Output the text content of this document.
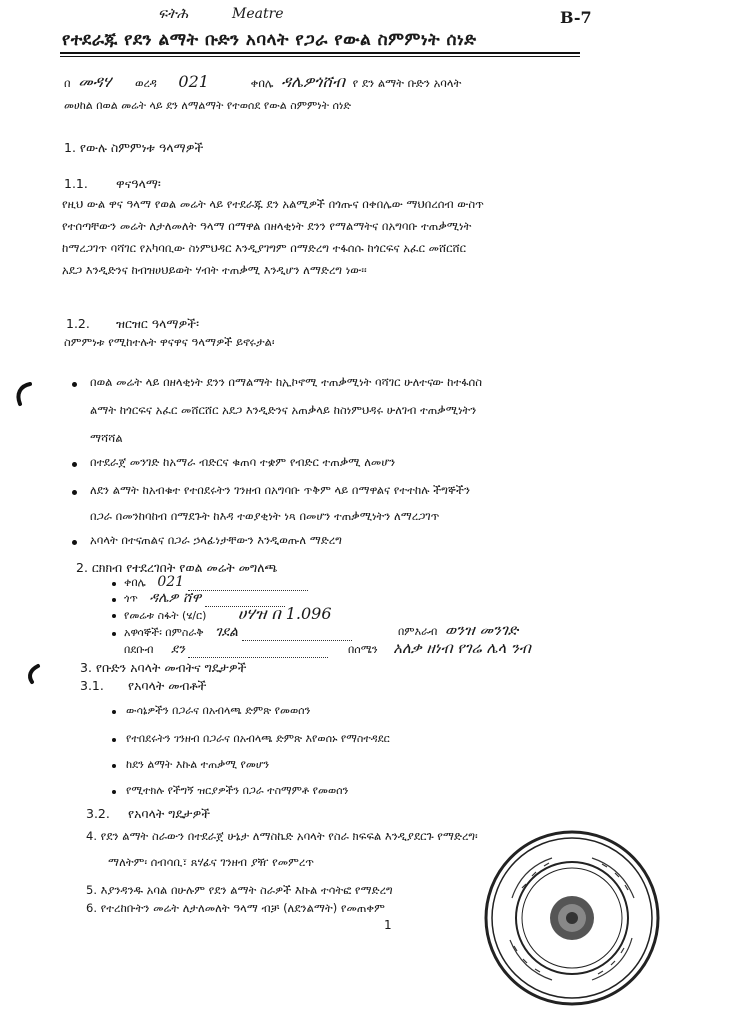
ፍትሕ	Meatre	B-7
የተደራጁ የደን ልማት ቡድን አባላት የጋራ የውል ስምምነት ሰነድ
በ መዳሃ ወረዳ 021	ቀበሌ ዳሌዎጎሸብ የ ደን ልማት ቡድን አባላት
መሀከል በወል መሬት ላይ ደን ለማልማት የተወሰደ የውል ስምምነት ሰነድ
1. የውሉ ስምምነቱ ዓላማዎች
1.1. ዋናዓላማ፡
የዚህ ውል ዋና ዓላማ የወል መሬት ላይ የተደራጁ ደን አልሚዎች በጎጡና በቀበሌው ማህበረሰብ ውስጥ
የተሰጣቸውን መሬት ለታለመለት ዓላማ በማዋል በዘላቂነት ደንን የማልማትና በአግባቡ ተጠቃሚነት
ከማረጋገጥ ባሻገር የአካባቢው ስነምህዳር እንዲያገግም በማድረግ ተፋሰሱ ከጎርፍና አፈር መሸርሸር
አደጋ እንዲድንና ከብዝሀህይወት ሃብት ተጠቃሚ እንዲሆን ለማድረግ ነው፡፡
1.2. ዝርዝር ዓላማዎች፡
ስምምነቱ የሚከተሉት ዋናዋና ዓላማዎች ይኖሩታል፡
በወል መሬት ላይ በዘላቂነት ደንን በማልማት ከኢኮኖሚ ተጠቃሚነት ባሻገር ሁለተናው ከተፋሰስ
ልማት ከጎርፍና አፈር መሸርሸር አደጋ እንዲድንና አጠቃላይ ከስነምህዳሩ ሁለገብ ተጠቃሚነትን
ማሻሻል
በተደራጀ መንገድ ከአማራ ብድርና ቁጠባ ተቋም የብድር ተጠቃሚ ለመሆን
ለደን ልማት ከአብቁተ የተበደሩትን ገንዘብ በአግባቡ ጥቅም ላይ በማዋልና የተተከሉ ችግኞችን
በጋራ በመንከባከብ በማደጉት ከእዳ ተወያቂነት ነጻ በመሆን ተጠቃሚነትን ለማረጋገጥ
አባላት በተናጠልና በጋራ ኃላፊነታቸውን እንዲወጡለ ማድረግ
2. ርክክብ የተደረገበት የወል መሬት መግለጫ
ቀበሌ 021
ጎጥ ዳሌዎ ሸዋ
የመሬቱ ስፋት (ሄ/ር) ሀሃዝ በ 1.096
አዋሳኞች፡ በምስራቅ ገደል
በደቡብ ደን
በምእራብ ወንዝ መንገድ
በሰሜን አለቃ ዘነብ የገሬ ሌላ ንብ
3. የቡድን አባላት መብትና ግዴታዎች
3.1. የአባላት መብቶች
ውሳኔዎችን በጋራና በአብላጫ ድምጽ የመወሰን
የተበደሩትን ገንዘብ በጋራና በአብላጫ ድምጽ እየወሰኑ የማስተዳደር
ከደን ልማት እኩል ተጠቃሚ የመሆን
የሚተክሉ የችግኝ ዝርያዎችን በጋራ ተስማምቶ የመወሰን
3.2. የአባላት ግዴታዎች
4. የደን ልማት ስራውን በተደራጀ ሁኔታ ለማስኬድ አባላት የስራ ክፍፍል እንዲያደርጉ የማድረግ፡
ማለትም፡ ሰብሳቢ፣ ጸሃፊና ገንዘብ ያዥ የመምረጥ
5. እያንዳንዱ አባል በሁሉም የደን ልማት ስራዎች እኩል ተሳትፎ የማድረግ
6. የተረከቡትን መሬት ለታለመለት ዓላማ ብቻ (ለደንልማት) የመጠቀም
1
